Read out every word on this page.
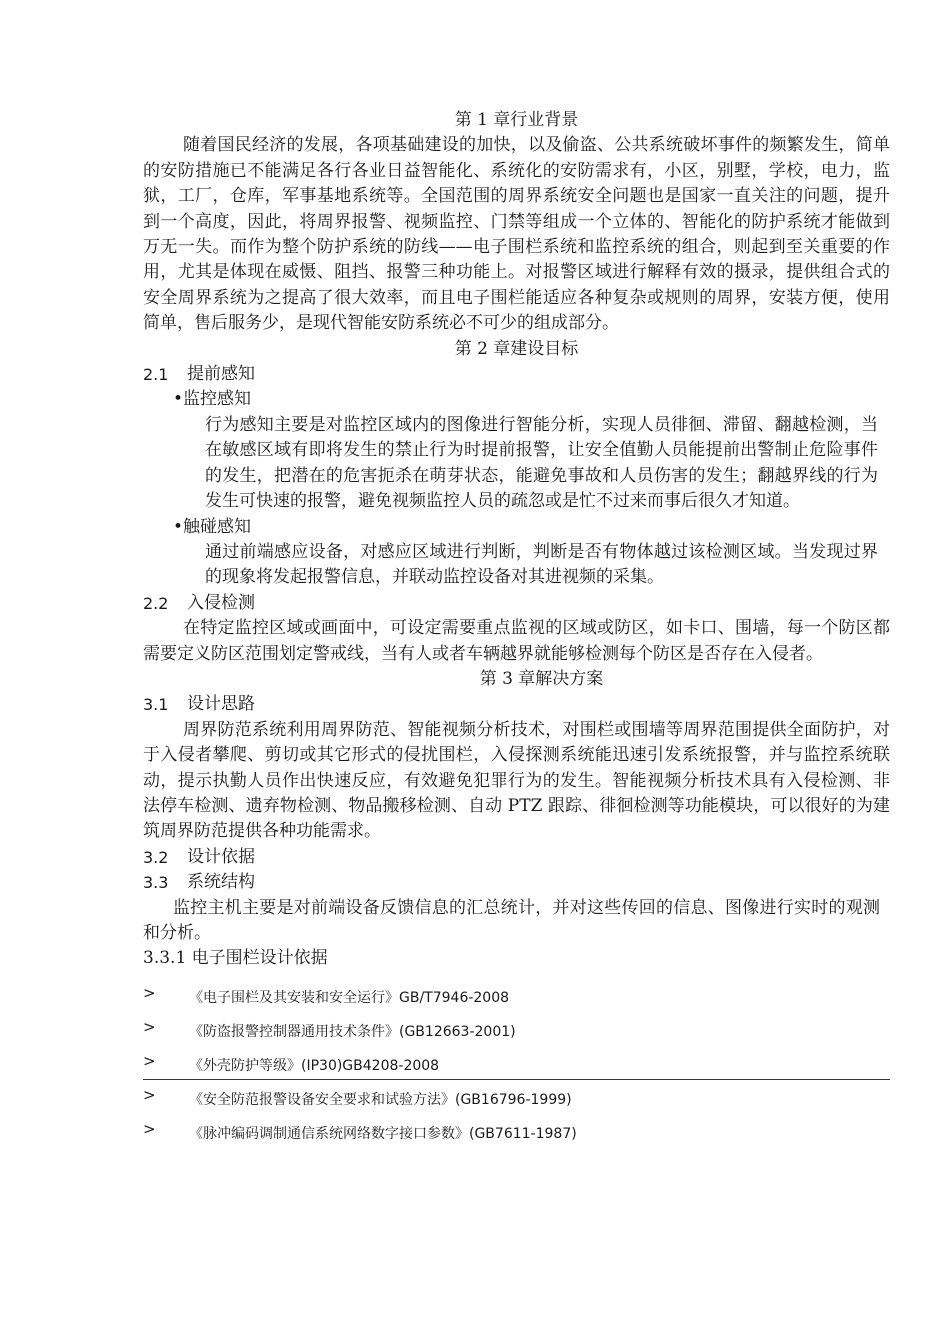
第 1 章行业背景
随着国民经济的发展，各项基础建设的加快，以及偷盗、公共系统破坏事件的频繁发生，简单的安防措施已不能满足各行各业日益智能化、系统化的安防需求有，小区，别墅，学校，电力，监狱，工厂，仓库，军事基地系统等。全国范围的周界系统安全问题也是国家一直关注的问题，提升到一个高度，因此，将周界报警、视频监控、门禁等组成一个立体的、智能化的防护系统才能做到万无一失。而作为整个防护系统的防线——电子围栏系统和监控系统的组合，则起到至关重要的作用，尤其是体现在威慑、阻挡、报警三种功能上。对报警区域进行解释有效的摄录，提供组合式的安全周界系统为之提高了很大效率，而且电子围栏能适应各种复杂或规则的周界，安装方便，使用简单，售后服务少，是现代智能安防系统必不可少的组成部分。
第 2 章建设目标
2.1	提前感知
•监控感知
行为感知主要是对监控区域内的图像进行智能分析，实现人员徘徊、滞留、翻越检测，当在敏感区域有即将发生的禁止行为时提前报警，让安全值勤人员能提前出警制止危险事件的发生，把潜在的危害扼杀在萌芽状态，能避免事故和人员伤害的发生；翻越界线的行为发生可快速的报警，避免视频监控人员的疏忽或是忙不过来而事后很久才知道。
•触碰感知
通过前端感应设备，对感应区域进行判断，判断是否有物体越过该检测区域。当发现过界的现象将发起报警信息，并联动监控设备对其进视频的采集。
2.2	入侵检测
在特定监控区域或画面中，可设定需要重点监视的区域或防区，如卡口、围墙，每一个防区都需要定义防区范围划定警戒线，当有人或者车辆越界就能够检测每个防区是否存在入侵者。
第 3 章解决方案
3.1	设计思路
周界防范系统利用周界防范、智能视频分析技术，对围栏或围墙等周界范围提供全面防护，对于入侵者攀爬、剪切或其它形式的侵扰围栏，入侵探测系统能迅速引发系统报警，并与监控系统联动，提示执勤人员作出快速反应，有效避免犯罪行为的发生。智能视频分析技术具有入侵检测、非法停车检测、遗弃物检测、物品搬移检测、自动 PTZ 跟踪、徘徊检测等功能模块，可以很好的为建筑周界防范提供各种功能需求。
3.2	设计依据
3.3	系统结构
监控主机主要是对前端设备反馈信息的汇总统计，并对这些传回的信息、图像进行实时的观测和分析。
3.3.1 电子围栏设计依据
> 《电子围栏及其安装和安全运行》GB/T7946-2008
> 《防盗报警控制器通用技术条件》(GB12663-2001)
> 《外壳防护等级》(IP30)GB4208-2008
> 《安全防范报警设备安全要求和试验方法》(GB16796-1999)
> 《脉冲编码调制通信系统网络数字接口参数》(GB7611-1987)
